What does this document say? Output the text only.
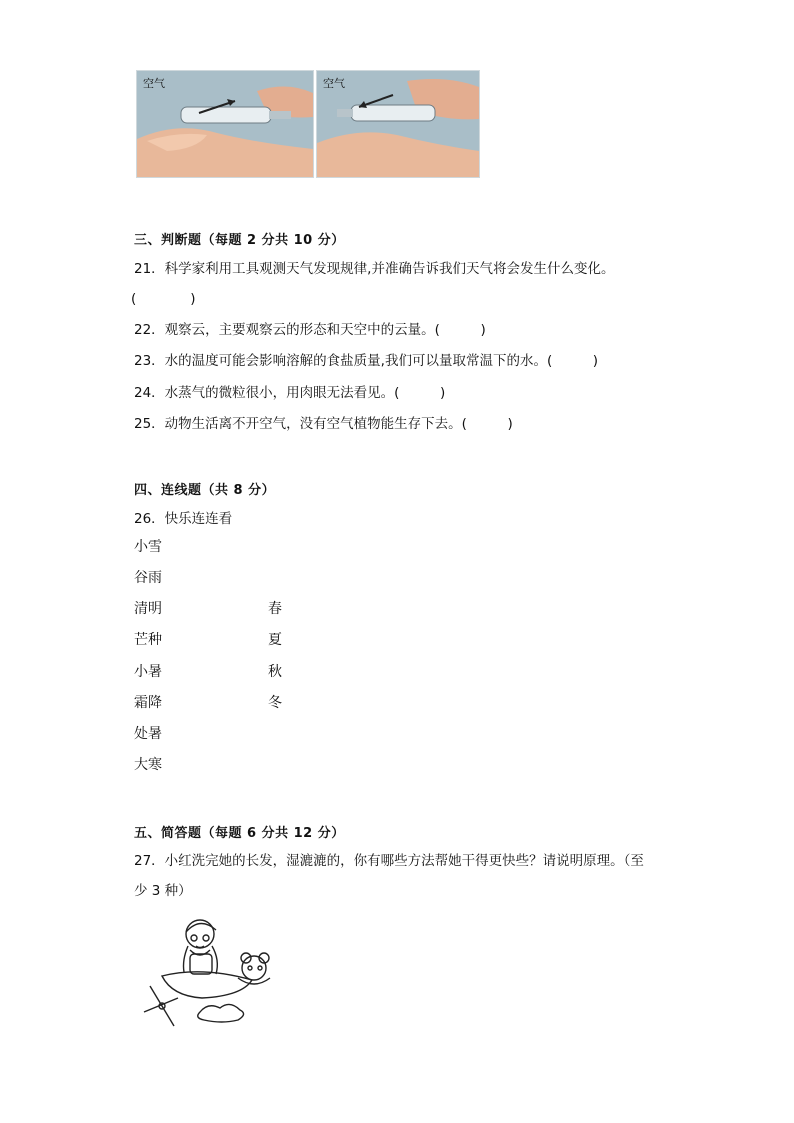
空气	空气
三、判断题（每题 2 分共 10 分）
21．科学家利用工具观测天气发现规律,并准确告诉我们天气将会发生什么变化。
(　　　　)
22．观察云，主要观察云的形态和天空中的云量。(　　　)
23．水的温度可能会影响溶解的食盐质量,我们可以量取常温下的水。(　　　)
24．水蒸气的微粒很小，用肉眼无法看见。(　　　)
25．动物生活离不开空气，没有空气植物能生存下去。(　　　)
四、连线题（共 8 分）
26．快乐连连看
小雪
谷雨
清明
芒种
小暑
霜降
处暑
大寒
春
夏
秋
冬
五、简答题（每题 6 分共 12 分）
27．小红洗完她的长发，湿漉漉的，你有哪些方法帮她干得更快些？请说明原理。（至
少 3 种）
